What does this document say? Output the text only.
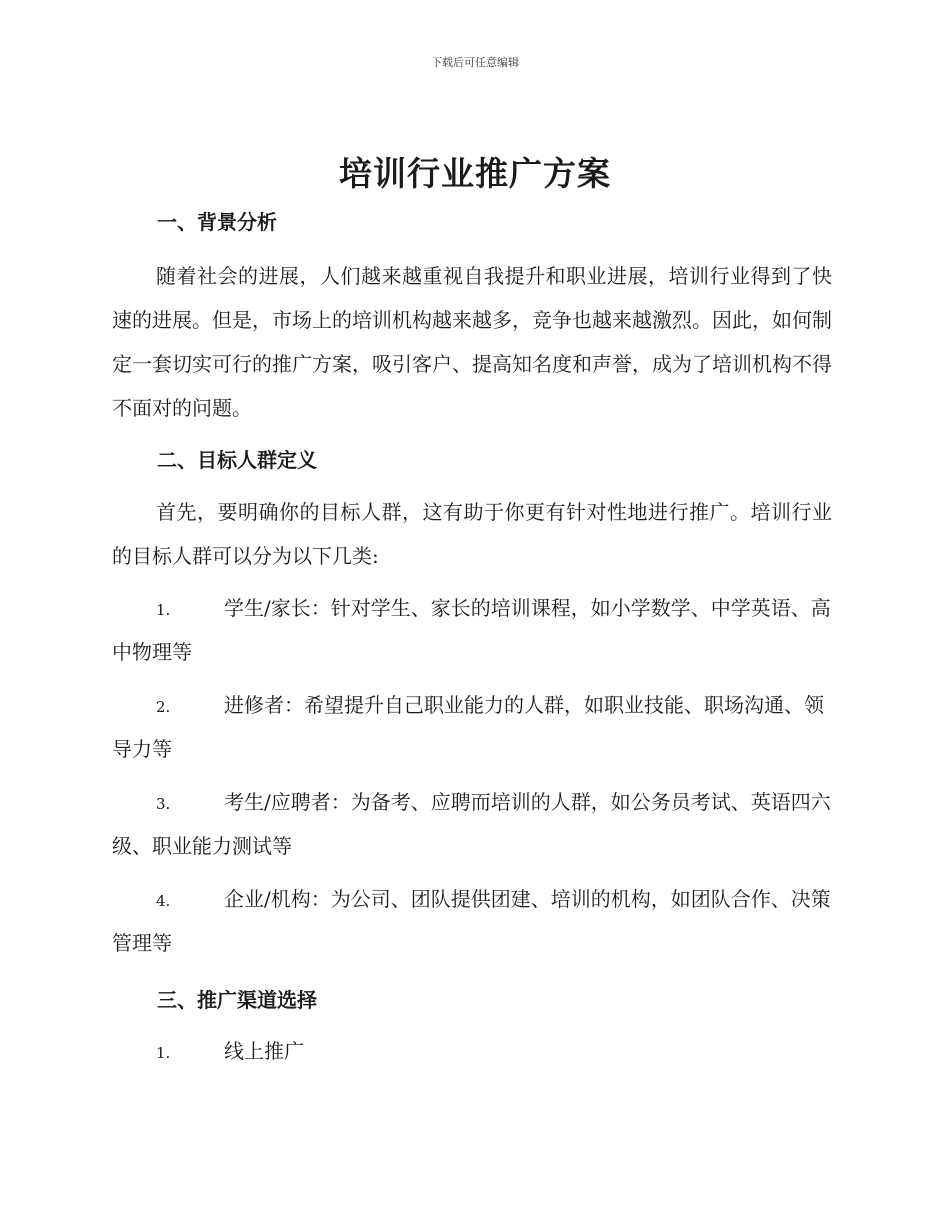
下载后可任意编辑
培训行业推广方案
一、背景分析
随着社会的进展，人们越来越重视自我提升和职业进展，培训行业得到了快速的进展。但是，市场上的培训机构越来越多，竞争也越来越激烈。因此，如何制定一套切实可行的推广方案，吸引客户、提高知名度和声誉，成为了培训机构不得不面对的问题。
二、目标人群定义
首先，要明确你的目标人群，这有助于你更有针对性地进行推广。培训行业的目标人群可以分为以下几类:
1.	学生/家长：针对学生、家长的培训课程，如小学数学、中学英语、高中物理等
2.	进修者：希望提升自己职业能力的人群，如职业技能、职场沟通、领导力等
3.	考生/应聘者：为备考、应聘而培训的人群，如公务员考试、英语四六级、职业能力测试等
4.	企业/机构：为公司、团队提供团建、培训的机构，如团队合作、决策管理等
三、推广渠道选择
1.	线上推广
